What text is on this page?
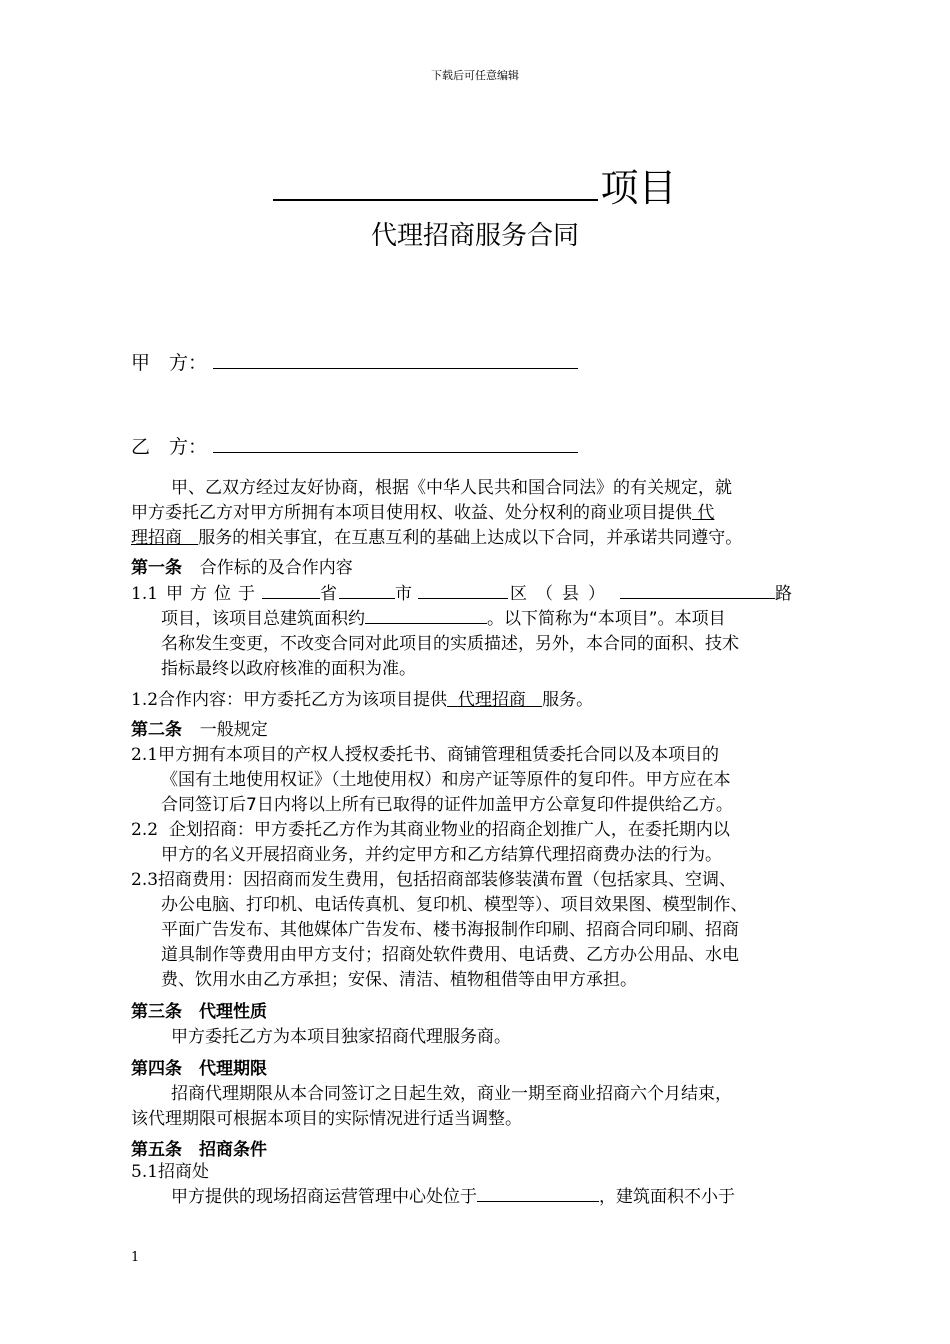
下载后可任意编辑
项目
代理招商服务合同
甲　方：
乙　方：
甲、乙双方经过友好协商，根据《中华人民共和国合同法》的有关规定，就
甲方委托乙方对甲方所拥有本项目使用权、收益、处分权利的商业项目提供 代
理招商 服务的相关事宜，在互惠互利的基础上达成以下合同，并承诺共同遵守。
第一条 合作标的及合作内容
1.1 甲方位于	省	市	区（县）	路
项目，该项目总建筑面积约	。以下简称为“本项目”。本项目
名称发生变更，不改变合同对此项目的实质描述，另外，本合同的面积、技术
指标最终以政府核准的面积为准。
1.2合作内容：甲方委托乙方为该项目提供 代理招商 服务。
第二条 一般规定
2.1甲方拥有本项目的产权人授权委托书、商铺管理租赁委托合同以及本项目的
《国有土地使用权证》（土地使用权）和房产证等原件的复印件。甲方应在本
合同签订后7日内将以上所有已取得的证件加盖甲方公章复印件提供给乙方。
2.2 企划招商：甲方委托乙方作为其商业物业的招商企划推广人，在委托期内以
甲方的名义开展招商业务，并约定甲方和乙方结算代理招商费办法的行为。
2.3招商费用：因招商而发生费用，包括招商部装修装潢布置（包括家具、空调、
办公电脑、打印机、电话传真机、复印机、模型等）、项目效果图、模型制作、
平面广告发布、其他媒体广告发布、楼书海报制作印刷、招商合同印刷、招商
道具制作等费用由甲方支付；招商处软件费用、电话费、乙方办公用品、水电
费、饮用水由乙方承担；安保、清洁、植物租借等由甲方承担。
第三条　代理性质
甲方委托乙方为本项目独家招商代理服务商。
第四条　代理期限
招商代理期限从本合同签订之日起生效，商业一期至商业招商六个月结束，
该代理期限可根据本项目的实际情况进行适当调整。
第五条　招商条件
5.1招商处
甲方提供的现场招商运营管理中心处位于	，建筑面积不小于
1
